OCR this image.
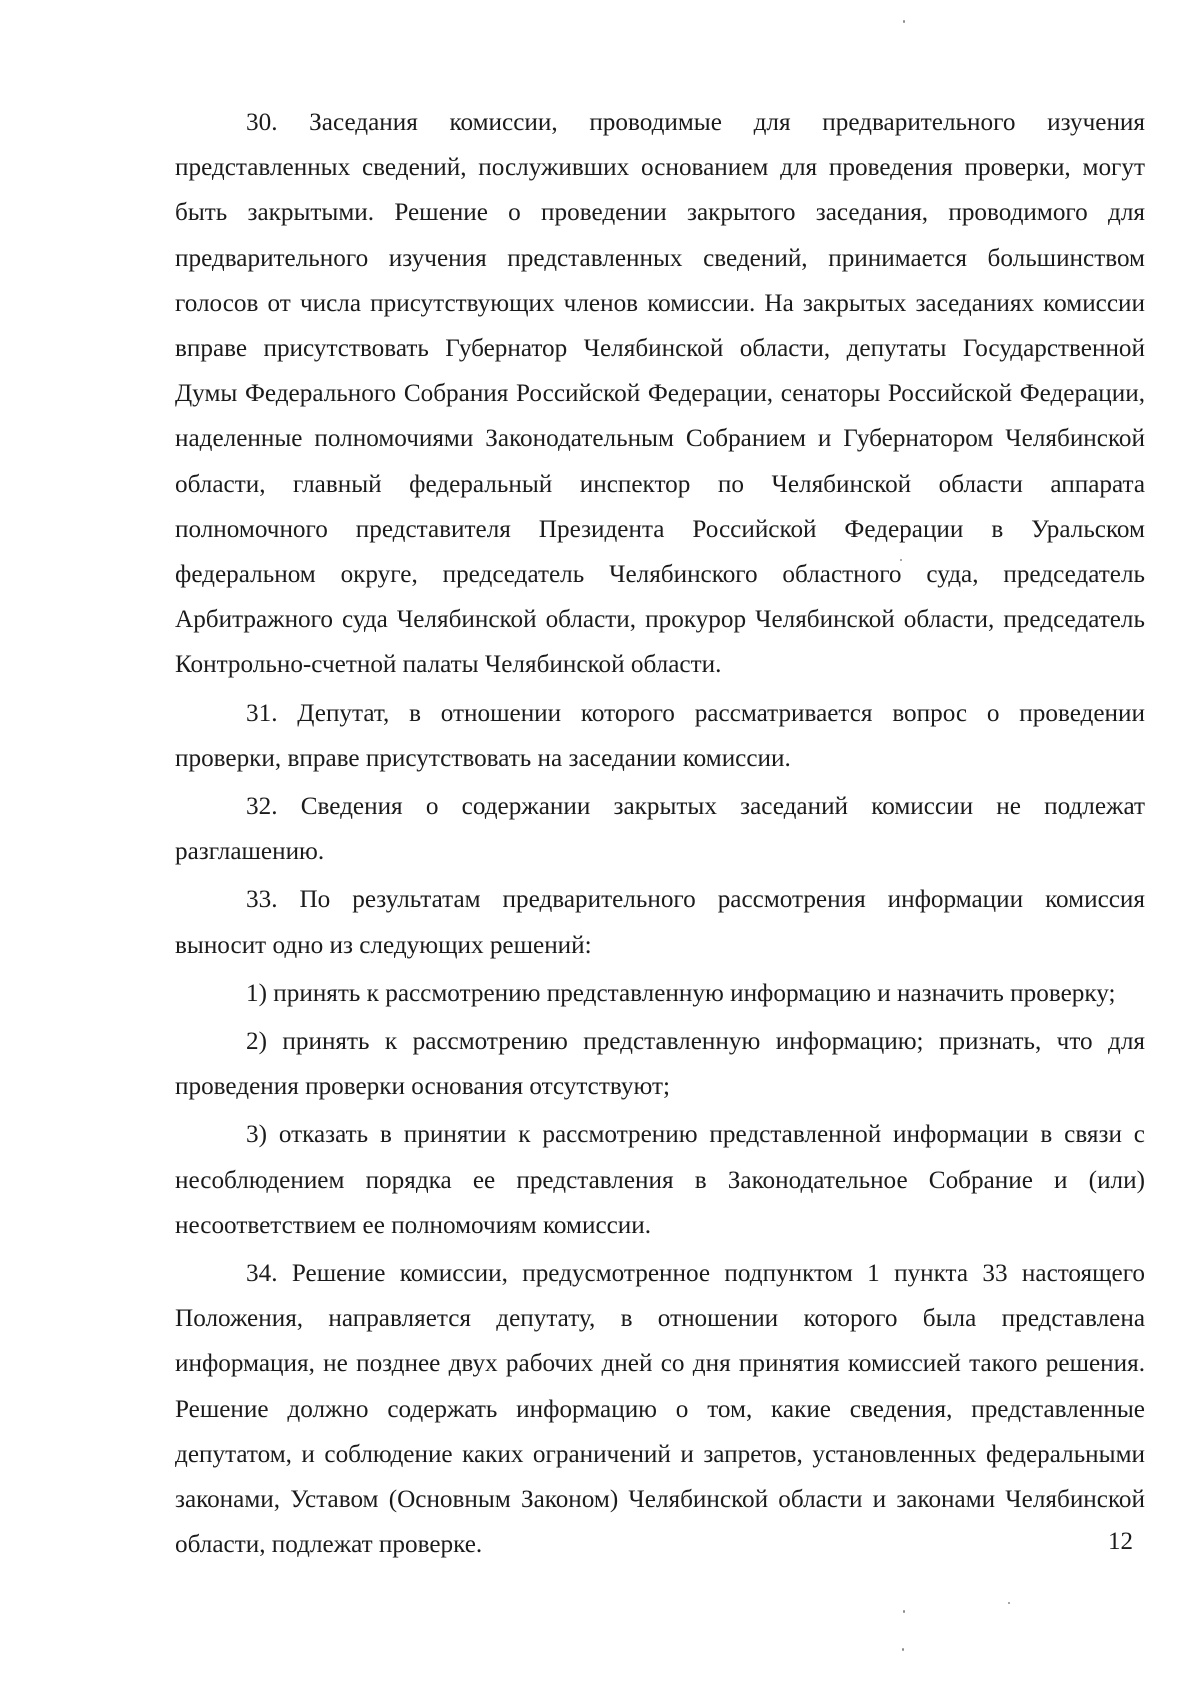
30. Заседания комиссии, проводимые для предварительного изучения представленных сведений, послуживших основанием для проведения проверки, могут быть закрытыми. Решение о проведении закрытого заседания, проводимого для предварительного изучения представленных сведений, принимается большинством голосов от числа присутствующих членов комиссии. На закрытых заседаниях комиссии вправе присутствовать Губернатор Челябинской области, депутаты Государственной Думы Федерального Собрания Российской Федерации, сенаторы Российской Федерации, наделенные полномочиями Законодательным Собранием и Губернатором Челябинской области, главный федеральный инспектор по Челябинской области аппарата полномочного представителя Президента Российской Федерации в Уральском федеральном округе, председатель Челябинского областного суда, председатель Арбитражного суда Челябинской области, прокурор Челябинской области, председатель Контрольно-счетной палаты Челябинской области.

31. Депутат, в отношении которого рассматривается вопрос о проведении проверки, вправе присутствовать на заседании комиссии.

32. Сведения о содержании закрытых заседаний комиссии не подлежат разглашению.

33. По результатам предварительного рассмотрения информации комиссия выносит одно из следующих решений:

1) принять к рассмотрению представленную информацию и назначить проверку;

2) принять к рассмотрению представленную информацию; признать, что для проведения проверки основания отсутствуют;

3) отказать в принятии к рассмотрению представленной информации в связи с несоблюдением порядка ее представления в Законодательное Собрание и (или) несоответствием ее полномочиям комиссии.

34. Решение комиссии, предусмотренное подпунктом 1 пункта 33 настоящего Положения, направляется депутату, в отношении которого была представлена информация, не позднее двух рабочих дней со дня принятия комиссией такого решения. Решение должно содержать информацию о том, какие сведения, представленные депутатом, и соблюдение каких ограничений и запретов, установленных федеральными законами, Уставом (Основным Законом) Челябинской области и законами Челябинской области, подлежат проверке.	12
